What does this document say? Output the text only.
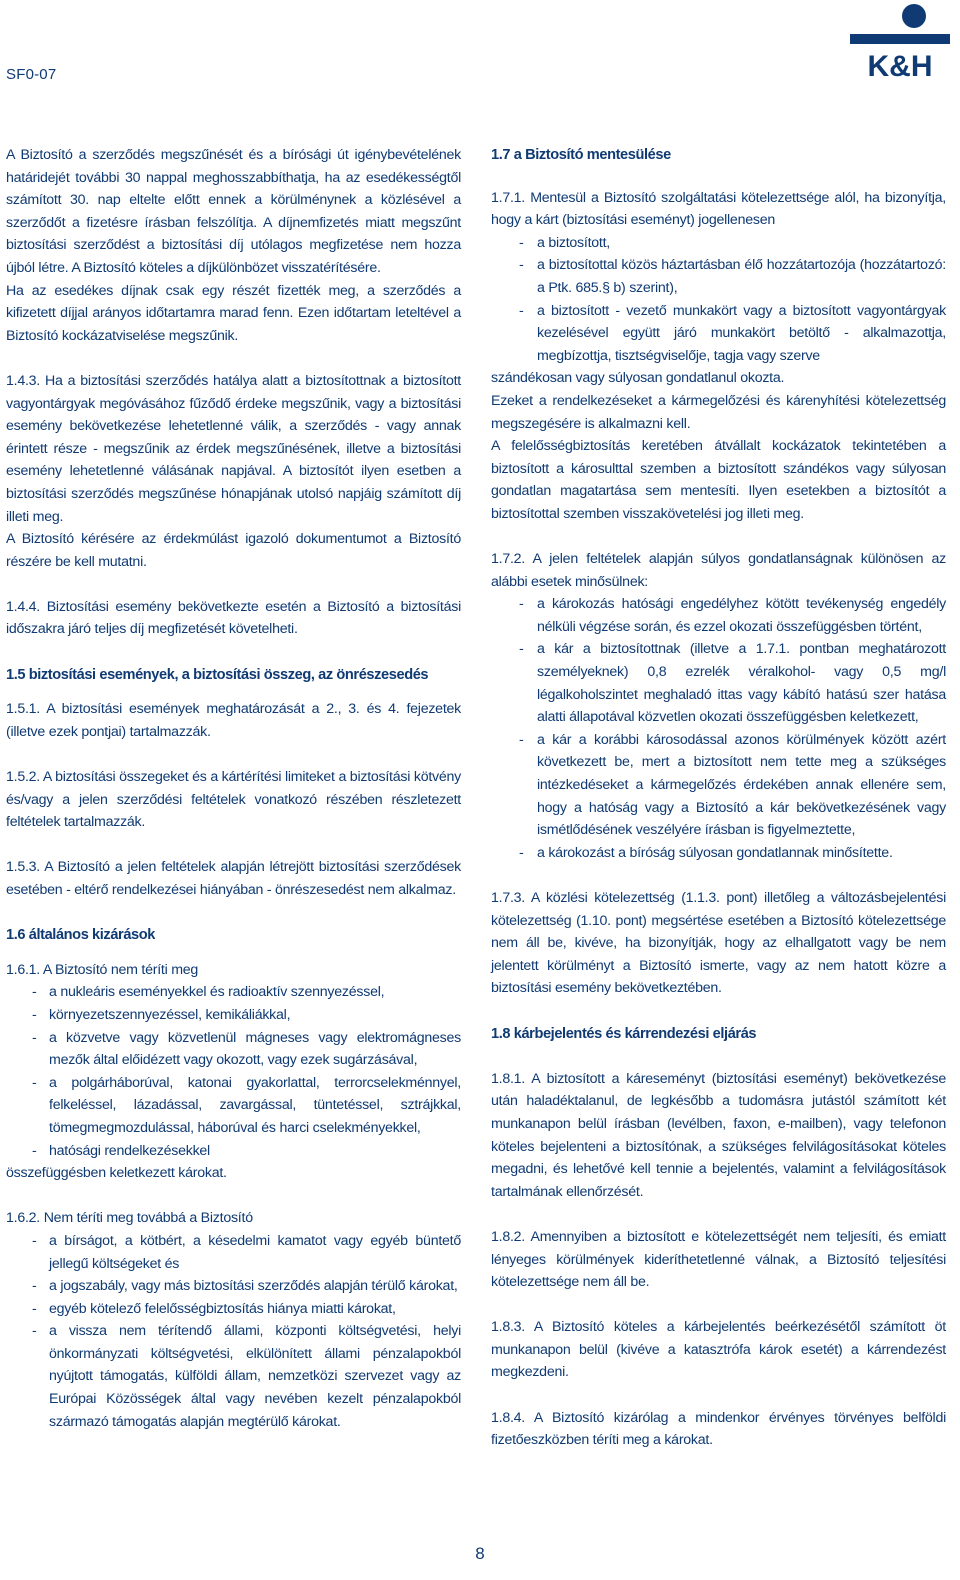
SF0-07	K&H

A Biztosító a szerződés megszűnését és a bírósági út igénybevételének határidejét további 30 nappal meghosszabbíthatja, ha az esedékességtől számított 30. nap eltelte előtt ennek a körülménynek a közlésével a szerződőt a fizetésre írásban felszólítja. A díjnemfizetés miatt megszűnt biztosítási szerződést a biztosítási díj utólagos megfizetése nem hozza újból létre. A Biztosító köteles a díjkülönbözet visszatérítésére.

Ha az esedékes díjnak csak egy részét fizették meg, a szerződés a kifizetett díjjal arányos időtartamra marad fenn. Ezen időtartam leteltével a Biztosító kockázatviselése megszűnik.

1.4.3. Ha a biztosítási szerződés hatálya alatt a biztosítottnak a biztosított vagyontárgyak megóvásához fűződő érdeke megszűnik, vagy a biztosítási esemény bekövetkezése lehetetlenné válik, a szerződés - vagy annak érintett része - megszűnik az érdek megszűnésének, illetve a biztosítási esemény lehetetlenné válásának napjával. A biztosítót ilyen esetben a biztosítási szerződés megszűnése hónapjának utolsó napjáig számított díj illeti meg.

A Biztosító kérésére az érdekmúlást igazoló dokumentumot a Biztosító részére be kell mutatni.

1.4.4. Biztosítási esemény bekövetkezte esetén a Biztosító a biztosítási időszakra járó teljes díj megfizetését követelheti.

1.5 biztosítási események, a biztosítási összeg, az önrészesedés

1.5.1. A biztosítási események meghatározását a 2., 3. és 4. fejezetek (illetve ezek pontjai) tartalmazzák.

1.5.2. A biztosítási összegeket és a kártérítési limiteket a biztosítási kötvény és/vagy a jelen szerződési feltételek vonatkozó részében részletezett feltételek tartalmazzák.

1.5.3. A Biztosító a jelen feltételek alapján létrejött biztosítási szerződések esetében - eltérő rendelkezései hiányában - önrészesedést nem alkalmaz.

1.6 általános kizárások

1.6.1. A Biztosító nem téríti meg

- a nukleáris eseményekkel és radioaktív szennyezéssel,

- környezetszennyezéssel, kemikáliákkal,

- a közvetve vagy közvetlenül mágneses vagy elektromágneses mezők által előidézett vagy okozott, vagy ezek sugárzásával,

- a polgárháborúval, katonai gyakorlattal, terrorcselekménnyel, felkeléssel, lázadással, zavargással, tüntetéssel, sztrájkkal, tömegmegmozdulással, háborúval és harci cselekményekkel,

- hatósági rendelkezésekkel

összefüggésben keletkezett károkat.

1.6.2. Nem téríti meg továbbá a Biztosító

- a bírságot, a kötbért, a késedelmi kamatot vagy egyéb büntető jellegű költségeket és

- a jogszabály, vagy más biztosítási szerződés alapján térülő károkat,

- egyéb kötelező felelősségbiztosítás hiánya miatti károkat,

- a vissza nem térítendő állami, központi költségvetési, helyi önkormányzati költségvetési, elkülönített állami pénzalapokból nyújtott támogatás, külföldi állam, nemzetközi szervezet vagy az Európai Közösségek által vagy nevében kezelt pénzalapokból származó támogatás alapján megtérülő károkat.

1.7 a Biztosító mentesülése

1.7.1. Mentesül a Biztosító szolgáltatási kötelezettsége alól, ha bizonyítja, hogy a kárt (biztosítási eseményt) jogellenesen

- a biztosított,

- a biztosítottal közös háztartásban élő hozzátartozója (hozzátartozó: a Ptk. 685.§ b) szerint),

- a biztosított - vezető munkakört vagy a biztosított vagyontárgyak kezelésével együtt járó munkakört betöltő - alkalmazottja, megbízottja, tisztségviselője, tagja vagy szerve

szándékosan vagy súlyosan gondatlanul okozta.

Ezeket a rendelkezéseket a kármegelőzési és kárenyhítési kötelezettség megszegésére is alkalmazni kell.

A felelősségbiztosítás keretében átvállalt kockázatok tekintetében a biztosított a károsulttal szemben a biztosított szándékos vagy súlyosan gondatlan magatartása sem mentesíti. Ilyen esetekben a biztosítót a biztosítottal szemben visszakövetelési jog illeti meg.

1.7.2. A jelen feltételek alapján súlyos gondatlanságnak különösen az alábbi esetek minősülnek:

- a károkozás hatósági engedélyhez kötött tevékenység engedély nélküli végzése során, és ezzel okozati összefüggésben történt,

- a kár a biztosítottnak (illetve a 1.7.1. pontban meghatározott személyeknek) 0,8 ezrelék véralkohol- vagy 0,5 mg/l légalkoholszintet meghaladó ittas vagy kábító hatású szer hatása alatti állapotával közvetlen okozati összefüggésben keletkezett,

- a kár a korábbi károsodással azonos körülmények között azért következett be, mert a biztosított nem tette meg a szükséges intézkedéseket a kármegelőzés érdekében annak ellenére sem, hogy a hatóság vagy a Biztosító a kár bekövetkezésének vagy ismétlődésének veszélyére írásban is figyelmeztette,

- a károkozást a bíróság súlyosan gondatlannak minősítette.

1.7.3. A közlési kötelezettség (1.1.3. pont) illetőleg a változásbejelentési kötelezettség (1.10. pont) megsértése esetében a Biztosító kötelezettsége nem áll be, kivéve, ha bizonyítják, hogy az elhallgatott vagy be nem jelentett körülményt a Biztosító ismerte, vagy az nem hatott közre a biztosítási esemény bekövetkeztében.

1.8 kárbejelentés és kárrendezési eljárás

1.8.1. A biztosított a káreseményt (biztosítási eseményt) bekövetkezése után haladéktalanul, de legkésőbb a tudomásra jutástól számított két munkanapon belül írásban (levélben, faxon, e-mailben), vagy telefonon köteles bejelenteni a biztosítónak, a szükséges felvilágosításokat köteles megadni, és lehetővé kell tennie a bejelentés, valamint a felvilágosítások tartalmának ellenőrzését.

1.8.2. Amennyiben a biztosított e kötelezettségét nem teljesíti, és emiatt lényeges körülmények kideríthetetlenné válnak, a Biztosító teljesítési kötelezettsége nem áll be.

1.8.3. A Biztosító köteles a kárbejelentés beérkezésétől számított öt munkanapon belül (kivéve a katasztrófa károk esetét) a kárrendezést megkezdeni.

1.8.4. A Biztosító kizárólag a mindenkor érvényes törvényes belföldi fizetőeszközben téríti meg a károkat.

8
